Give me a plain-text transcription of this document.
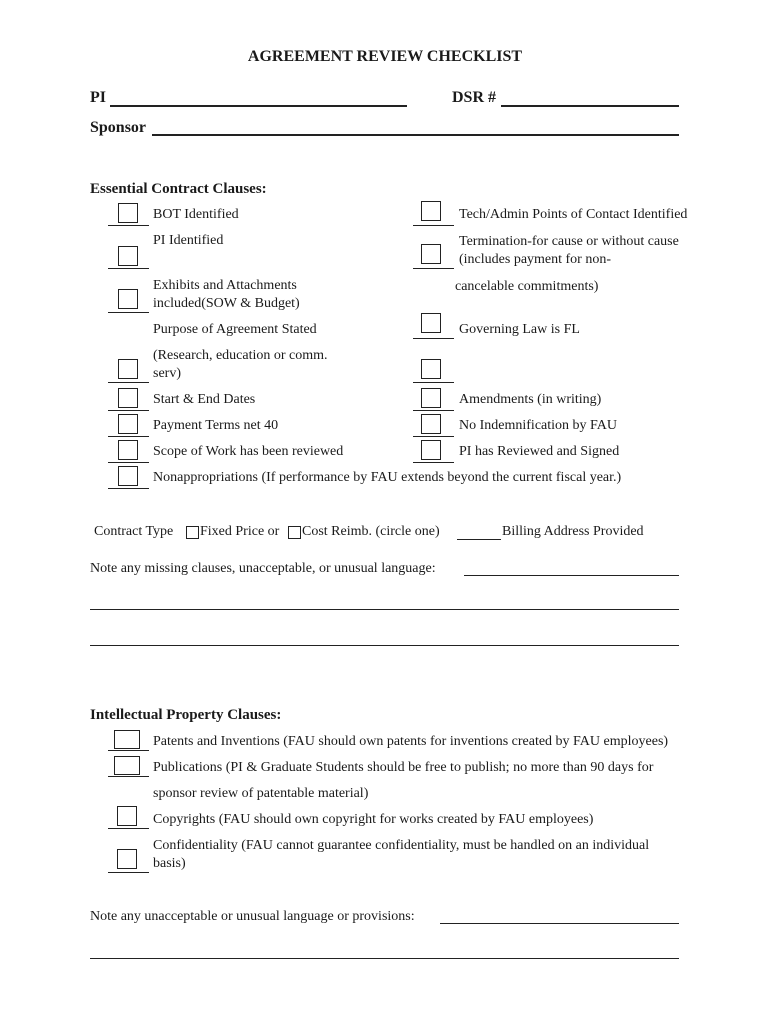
AGREEMENT REVIEW CHECKLIST
PI	DSR #
Sponsor
Essential Contract Clauses:
BOT Identified
PI Identified
Exhibits and Attachments
included(SOW & Budget)
Purpose of Agreement Stated
(Research, education or comm.
serv)
Start & End Dates
Payment Terms net 40
Scope of Work has been reviewed
Nonappropriations (If performance by FAU extends beyond the current fiscal year.)
Tech/Admin Points of Contact Identified
Termination-for cause or without cause
(includes payment for non-
cancelable commitments)
Governing Law is FL
Amendments (in writing)
No Indemnification by FAU
PI has Reviewed and Signed
Contract Type Fixed Price or Cost Reimb. (circle one)	Billing Address Provided
Note any missing clauses, unacceptable, or unusual language:
Intellectual Property Clauses:
Patents and Inventions (FAU should own patents for inventions created by FAU employees)
Publications (PI & Graduate Students should be free to publish; no more than 90 days for
sponsor review of patentable material)
Copyrights (FAU should own copyright for works created by FAU employees)
Confidentiality (FAU cannot guarantee confidentiality, must be handled on an individual
basis)
Note any unacceptable or unusual language or provisions:
